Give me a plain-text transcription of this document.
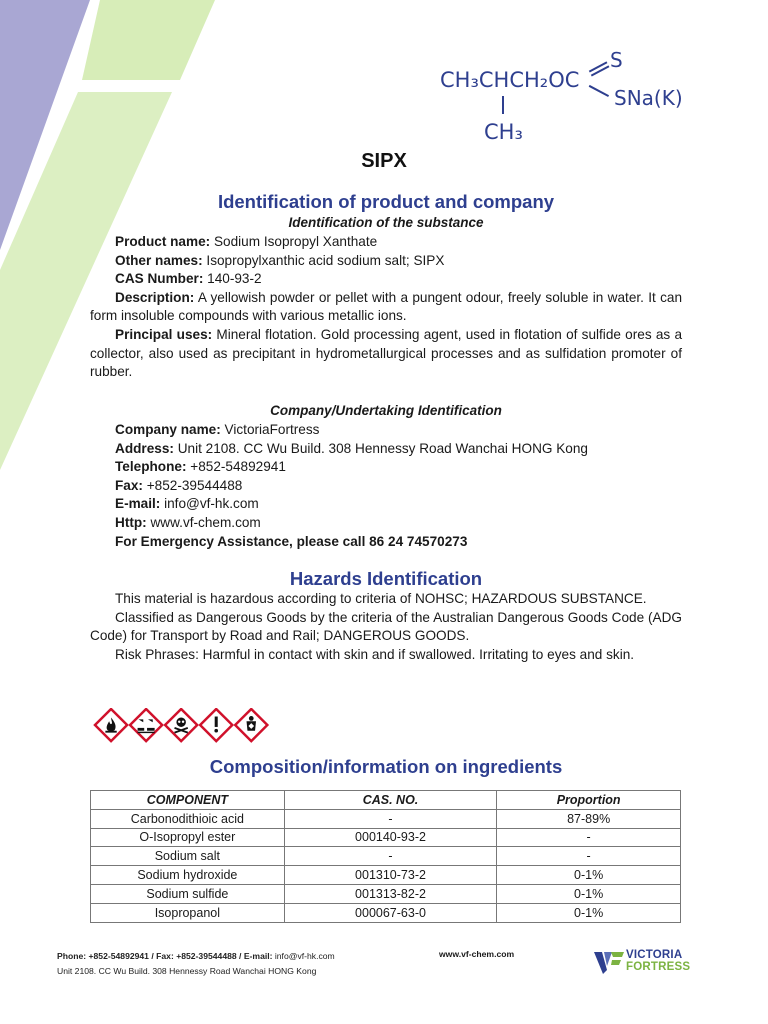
CH₃CHCH₂OC
S
SNa(K)
CH₃
SIPX
Identification of product and company
Identification of the substance

Product name: Sodium Isopropyl Xanthate

Other names: Isopropylxanthic acid sodium salt; SIPX

CAS Number: 140-93-2

Description: A yellowish powder or pellet with a pungent odour, freely soluble in water. It can form insoluble compounds with various metallic ions.

Principal uses: Mineral flotation. Gold processing agent, used in flotation of sulfide ores as a collector, also used as precipitant in hydrometallurgical processes and as sulfidation promoter of rubber.

Company/Undertaking Identification

Company name: VictoriaFortress

Address: Unit 2108. CC Wu Build. 308 Hennessy Road Wanchai HONG Kong

Telephone: +852-54892941

Fax: +852-39544488

E-mail: info@vf-hk.com

Http: www.vf-chem.com

For Emergency Assistance, please call 86 24 74570273

Hazards Identification

This material is hazardous according to criteria of NOHSC; HAZARDOUS SUBSTANCE.

Classified as Dangerous Goods by the criteria of the Australian Dangerous Goods Code (ADG Code) for Transport by Road and Rail; DANGEROUS GOODS.

Risk Phrases: Harmful in contact with skin and if swallowed. Irritating to eyes and skin.

Composition/information on ingredients
COMPONENT	CAS. NO.	Proportion
Carbonodithioic acid	-	87-89%
O-Isopropyl ester	000140-93-2	-
Sodium salt	-	-
Sodium hydroxide	001310-73-2	0-1%
Sodium sulfide	001313-82-2	0-1%
Isopropanol	000067-63-0	0-1%
Phone: +852-54892941 / Fax: +852-39544488 / E-mail: info@vf-hk.com
Unit 2108. CC Wu Build. 308 Hennessy Road Wanchai HONG Kong
www.vf-chem.com	VICTORIA
FORTRESS
